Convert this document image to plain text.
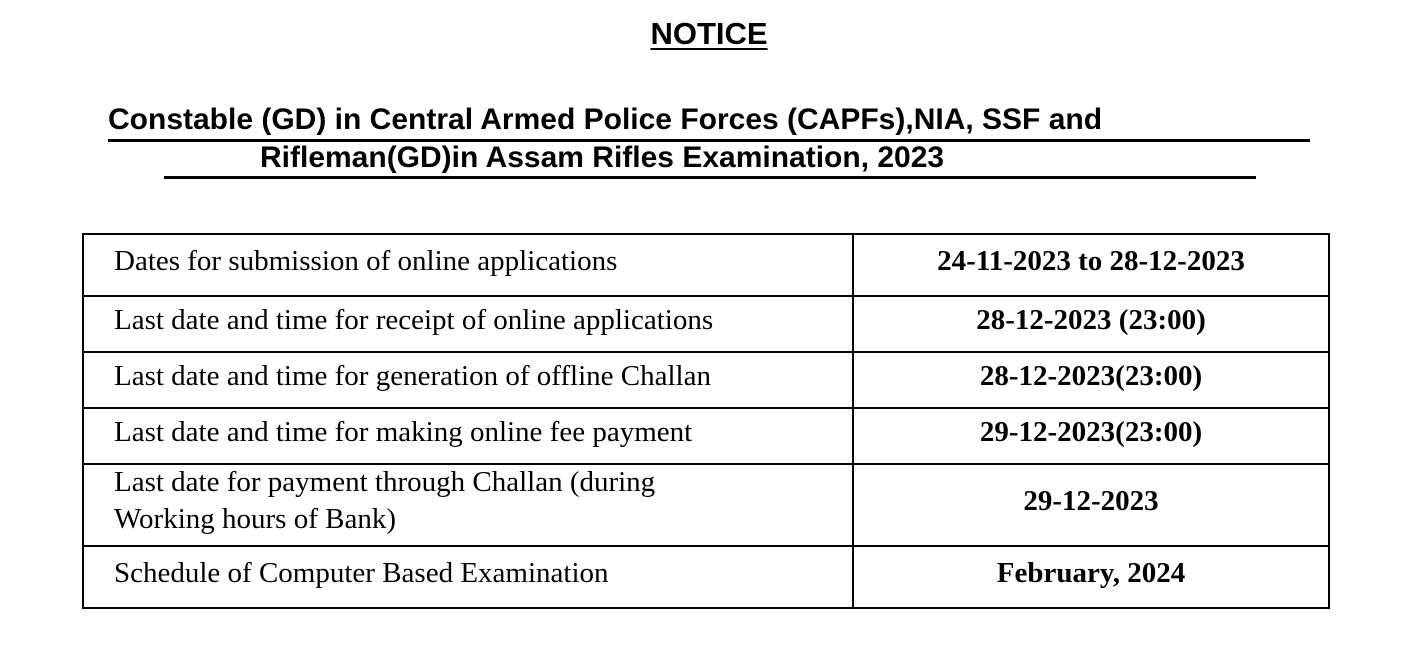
NOTICE
Constable (GD) in Central Armed Police Forces (CAPFs),NIA, SSF and
Rifleman(GD)in Assam Rifles Examination, 2023
Dates for submission of online applications	24-11-2023 to 28-12-2023
Last date and time for receipt of online applications	28-12-2023 (23:00)
Last date and time for generation of offline Challan	28-12-2023(23:00)
Last date and time for making online fee payment	29-12-2023(23:00)
Last date for payment through Challan (during
Working hours of Bank)	29-12-2023
Schedule of Computer Based Examination	February, 2024
